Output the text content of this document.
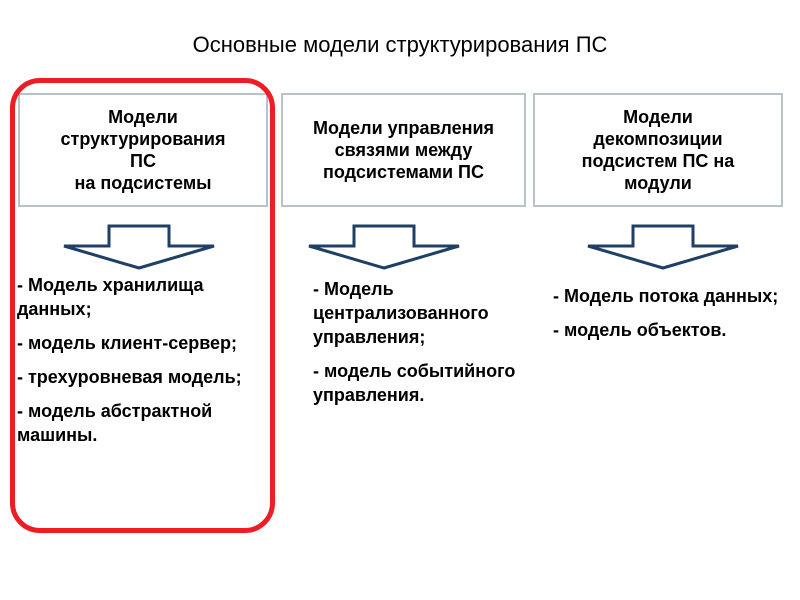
Основные модели структурирования ПС
Модели
структурирования
ПС
на подсистемы
Модели управления
связями между
подсистемами ПС
Модели
декомпозиции
подсистем ПС на
модули
- Модель хранилища данных;
- модель клиент-сервер;
- трехуровневая модель;
- модель абстрактной машины.
- Модель централизованного управления;
- модель событийного управления.
- Модель потока данных;
- модель объектов.
